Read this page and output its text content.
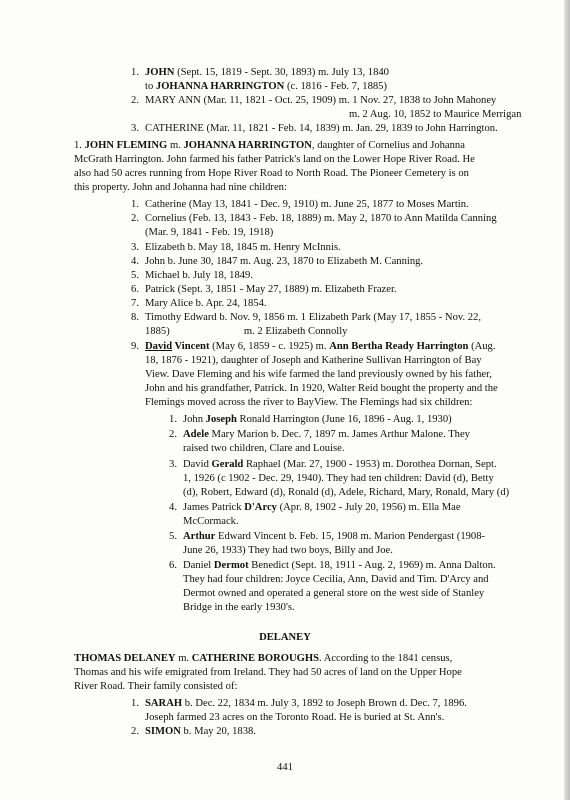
1. JOHN (Sept. 15, 1819 - Sept. 30, 1893) m. July 13, 1840
to JOHANNA HARRINGTON (c. 1816 - Feb. 7, 1885)
2. MARY ANN (Mar. 11, 1821 - Oct. 25, 1909) m. 1 Nov. 27, 1838 to John Mahoney
m. 2 Aug. 10, 1852 to Maurice Merrigan
3. CATHERINE (Mar. 11, 1821 - Feb. 14, 1839) m. Jan. 29, 1839 to John Harrington.
1. JOHN FLEMING m. JOHANNA HARRINGTON, daughter of Cornelius and Johanna
McGrath Harrington. John farmed his father Patrick's land on the Lower Hope River Road. He
also had 50 acres running from Hope River Road to North Road. The Pioneer Cemetery is on
this property. John and Johanna had nine children:
1. Catherine (May 13, 1841 - Dec. 9, 1910) m. June 25, 1877 to Moses Martin.
2. Cornelius (Feb. 13, 1843 - Feb. 18, 1889) m. May 2, 1870 to Ann Matilda Canning
(Mar. 9, 1841 - Feb. 19, 1918)
3. Elizabeth b. May 18, 1845 m. Henry McInnis.
4. John b. June 30, 1847 m. Aug. 23, 1870 to Elizabeth M. Canning.
5. Michael b. July 18, 1849.
6. Patrick (Sept. 3, 1851 - May 27, 1889) m. Elizabeth Frazer.
7. Mary Alice b. Apr. 24, 1854.
8. Timothy Edward b. Nov. 9, 1856 m. 1 Elizabeth Park (May 17, 1855 - Nov. 22,
1885)                            m. 2 Elizabeth Connolly
9. David Vincent (May 6, 1859 - c. 1925) m. Ann Bertha Ready Harrington (Aug.
18, 1876 - 1921), daughter of Joseph and Katherine Sullivan Harrington of Bay
View. Dave Fleming and his wife farmed the land previously owned by his father,
John and his grandfather, Patrick. In 1920, Walter Reid bought the property and the
Flemings moved across the river to BayView. The Flemings had six children:
1. John Joseph Ronald Harrington (June 16, 1896 - Aug. 1, 1930)
2. Adele Mary Marion b. Dec. 7, 1897 m. James Arthur Malone. They
raised two children, Clare and Louise.
3. David Gerald Raphael (Mar. 27, 1900 - 1953) m. Dorothea Dornan, Sept.
1, 1926 (c 1902 - Dec. 29, 1940). They had ten children: David (d), Betty
(d), Robert, Edward (d), Ronald (d), Adele, Richard, Mary, Ronald, Mary (d)
4. James Patrick D'Arcy (Apr. 8, 1902 - July 20, 1956) m. Ella Mae
McCormack.
5. Arthur Edward Vincent b. Feb. 15, 1908 m. Marion Pendergast (1908-
June 26, 1933) They had two boys, Billy and Joe.
6. Daniel Dermot Benedict (Sept. 18, 1911 - Aug. 2, 1969) m. Anna Dalton.
They had four children: Joyce Cecilia, Ann, David and Tim. D'Arcy and
Dermot owned and operated a general store on the west side of Stanley
Bridge in the early 1930's.
DELANEY
THOMAS DELANEY m. CATHERINE BOROUGHS. According to the 1841 census,
Thomas and his wife emigrated from Ireland. They had 50 acres of land on the Upper Hope
River Road. Their family consisted of:
1. SARAH b. Dec. 22, 1834 m. July 3, 1892 to Joseph Brown d. Dec. 7, 1896.
Joseph farmed 23 acres on the Toronto Road. He is buried at St. Ann's.
2. SIMON b. May 20, 1838.
441
